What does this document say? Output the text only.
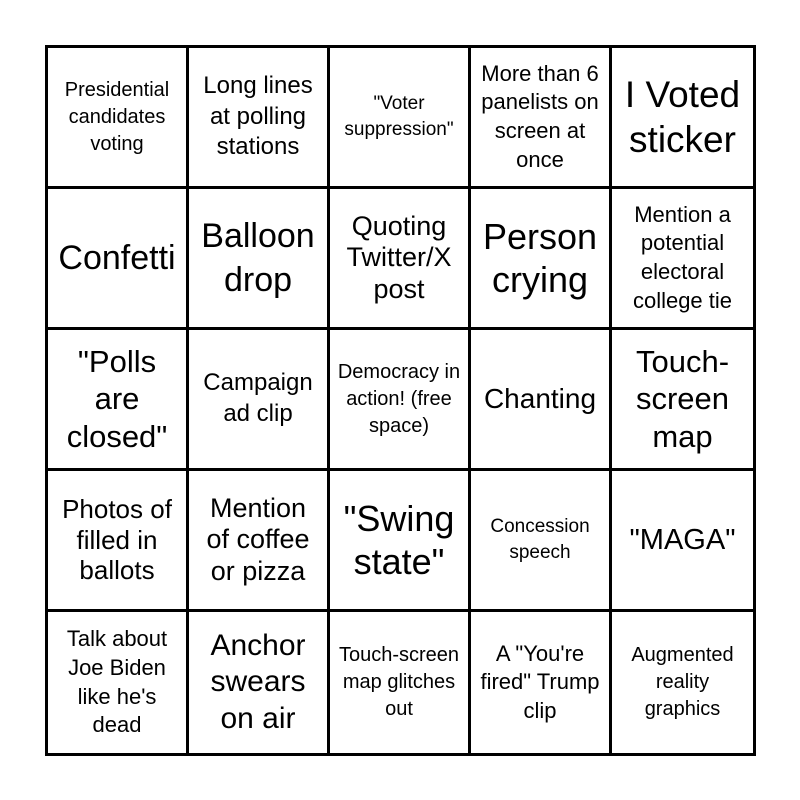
Presidential candidates voting
Long lines at polling stations
"Voter suppression"
More than 6 panelists on screen at once
I Voted sticker
Confetti
Balloon drop
Quoting Twitter/X post
Person crying
Mention a potential electoral college tie
"Polls are closed"
Campaign ad clip
Democracy in action! (free space)
Chanting
Touch-screen map
Photos of filled in ballots
Mention of coffee or pizza
"Swing state"
Concession speech	"MAGA"
Talk about Joe Biden like he's dead
Anchor swears on air
Touch-screen map glitches out
A "You're fired" Trump clip
Augmented reality graphics
